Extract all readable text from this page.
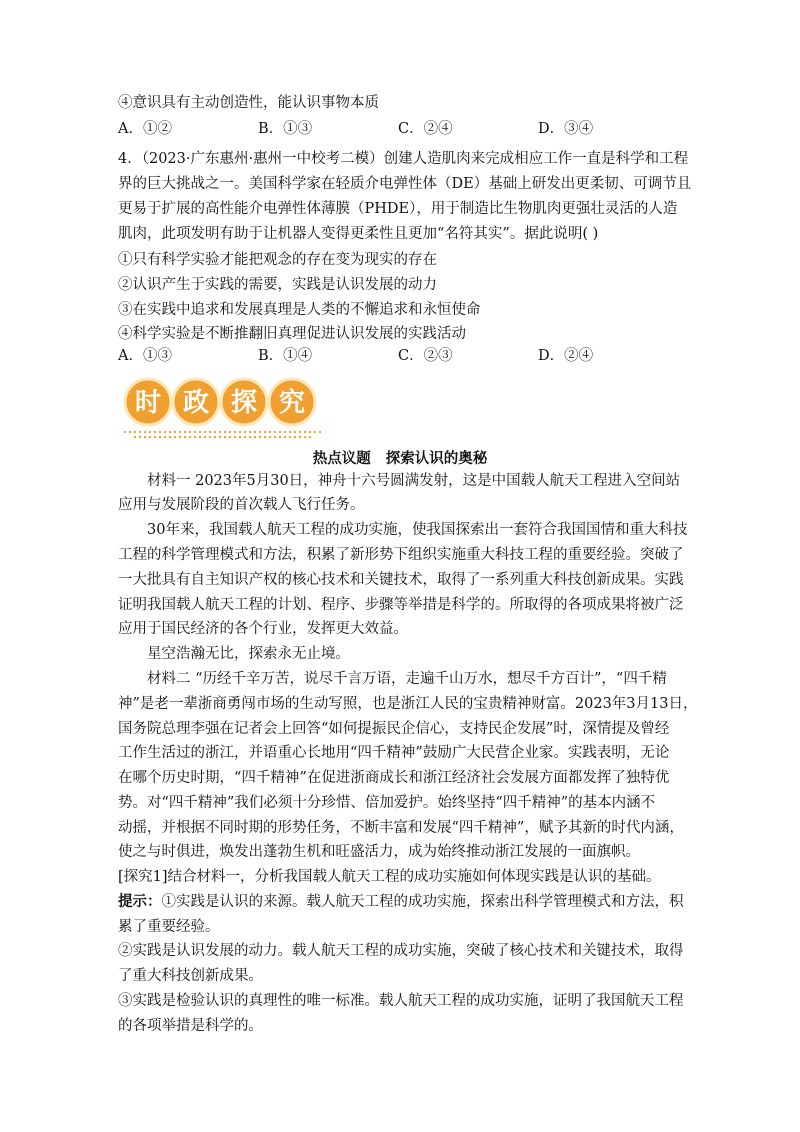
④意识具有主动创造性，能认识事物本质
A．①②	B．①③	C．②④	D．③④
4．（2023·广东惠州·惠州一中校考二模）创建人造肌肉来完成相应工作一直是科学和工程
界的巨大挑战之一。美国科学家在轻质介电弹性体（DE）基础上研发出更柔韧、可调节且
更易于扩展的高性能介电弹性体薄膜（PHDE），用于制造比生物肌肉更强壮灵活的人造
肌肉，此项发明有助于让机器人变得更柔性且更加“名符其实”。据此说明( )
①只有科学实验才能把观念的存在变为现实的存在
②认识产生于实践的需要，实践是认识发展的动力
③在实践中追求和发展真理是人类的不懈追求和永恒使命
④科学实验是不断推翻旧真理促进认识发展的实践活动
A．①③	B．①④	C．②③	D．②④
时 政 探 究
热点议题 探索认识的奥秘
材料一 2023年5月30日，神舟十六号圆满发射，这是中国载人航天工程进入空间站
应用与发展阶段的首次载人飞行任务。
30年来，我国载人航天工程的成功实施，使我国探索出一套符合我国国情和重大科技
工程的科学管理模式和方法，积累了新形势下组织实施重大科技工程的重要经验。突破了
一大批具有自主知识产权的核心技术和关键技术，取得了一系列重大科技创新成果。实践
证明我国载人航天工程的计划、程序、步骤等举措是科学的。所取得的各项成果将被广泛
应用于国民经济的各个行业，发挥更大效益。
星空浩瀚无比，探索永无止境。
材料二 “历经千辛万苦，说尽千言万语，走遍千山万水，想尽千方百计”，“四千精
神”是老一辈浙商勇闯市场的生动写照，也是浙江人民的宝贵精神财富。2023年3月13日，
国务院总理李强在记者会上回答“如何提振民企信心，支持民企发展”时，深情提及曾经
工作生活过的浙江，并语重心长地用“四千精神”鼓励广大民营企业家。实践表明，无论
在哪个历史时期，“四千精神”在促进浙商成长和浙江经济社会发展方面都发挥了独特优
势。对“四千精神”我们必须十分珍惜、倍加爱护。始终坚持“四千精神”的基本内涵不
动摇，并根据不同时期的形势任务，不断丰富和发展“四千精神”，赋予其新的时代内涵，
使之与时俱进，焕发出蓬勃生机和旺盛活力，成为始终推动浙江发展的一面旗帜。
[探究1]结合材料一，分析我国载人航天工程的成功实施如何体现实践是认识的基础。
提示：①实践是认识的来源。载人航天工程的成功实施，探索出科学管理模式和方法，积
累了重要经验。
②实践是认识发展的动力。载人航天工程的成功实施，突破了核心技术和关键技术，取得
了重大科技创新成果。
③实践是检验认识的真理性的唯一标准。载人航天工程的成功实施，证明了我国航天工程
的各项举措是科学的。
